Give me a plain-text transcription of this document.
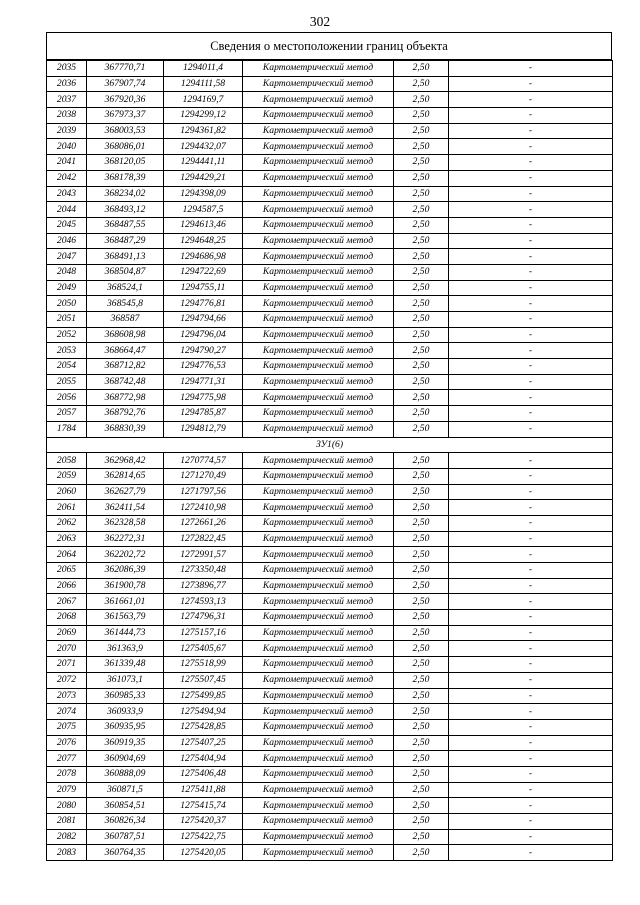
302
Сведения о местоположении границ объекта
2035	367770,71	1294011,4	Картометрический метод	2,50	-
2036	367907,74	1294111,58	Картометрический метод	2,50	-
2037	367920,36	1294169,7	Картометрический метод	2,50	-
2038	367973,37	1294299,12	Картометрический метод	2,50	-
2039	368003,53	1294361,82	Картометрический метод	2,50	-
2040	368086,01	1294432,07	Картометрический метод	2,50	-
2041	368120,05	1294441,11	Картометрический метод	2,50	-
2042	368178,39	1294429,21	Картометрический метод	2,50	-
2043	368234,02	1294398,09	Картометрический метод	2,50	-
2044	368493,12	1294587,5	Картометрический метод	2,50	-
2045	368487,55	1294613,46	Картометрический метод	2,50	-
2046	368487,29	1294648,25	Картометрический метод	2,50	-
2047	368491,13	1294686,98	Картометрический метод	2,50	-
2048	368504,87	1294722,69	Картометрический метод	2,50	-
2049	368524,1	1294755,11	Картометрический метод	2,50	-
2050	368545,8	1294776,81	Картометрический метод	2,50	-
2051	368587	1294794,66	Картометрический метод	2,50	-
2052	368608,98	1294796,04	Картометрический метод	2,50	-
2053	368664,47	1294790,27	Картометрический метод	2,50	-
2054	368712,82	1294776,53	Картометрический метод	2,50	-
2055	368742,48	1294771,31	Картометрический метод	2,50	-
2056	368772,98	1294775,98	Картометрический метод	2,50	-
2057	368792,76	1294785,87	Картометрический метод	2,50	-
1784	368830,39	1294812,79	Картометрический метод	2,50	-
ЗУ1(6)					
2058	362968,42	1270774,57	Картометрический метод	2,50	-
2059	362814,65	1271270,49	Картометрический метод	2,50	-
2060	362627,79	1271797,56	Картометрический метод	2,50	-
2061	362411,54	1272410,98	Картометрический метод	2,50	-
2062	362328,58	1272661,26	Картометрический метод	2,50	-
2063	362272,31	1272822,45	Картометрический метод	2,50	-
2064	362202,72	1272991,57	Картометрический метод	2,50	-
2065	362086,39	1273350,48	Картометрический метод	2,50	-
2066	361900,78	1273896,77	Картометрический метод	2,50	-
2067	361661,01	1274593,13	Картометрический метод	2,50	-
2068	361563,79	1274796,31	Картометрический метод	2,50	-
2069	361444,73	1275157,16	Картометрический метод	2,50	-
2070	361363,9	1275405,67	Картометрический метод	2,50	-
2071	361339,48	1275518,99	Картометрический метод	2,50	-
2072	361073,1	1275507,45	Картометрический метод	2,50	-
2073	360985,33	1275499,85	Картометрический метод	2,50	-
2074	360933,9	1275494,94	Картометрический метод	2,50	-
2075	360935,95	1275428,85	Картометрический метод	2,50	-
2076	360919,35	1275407,25	Картометрический метод	2,50	-
2077	360904,69	1275404,94	Картометрический метод	2,50	-
2078	360888,09	1275406,48	Картометрический метод	2,50	-
2079	360871,5	1275411,88	Картометрический метод	2,50	-
2080	360854,51	1275415,74	Картометрический метод	2,50	-
2081	360826,34	1275420,37	Картометрический метод	2,50	-
2082	360787,51	1275422,75	Картометрический метод	2,50	-
2083	360764,35	1275420,05	Картометрический метод	2,50	-
